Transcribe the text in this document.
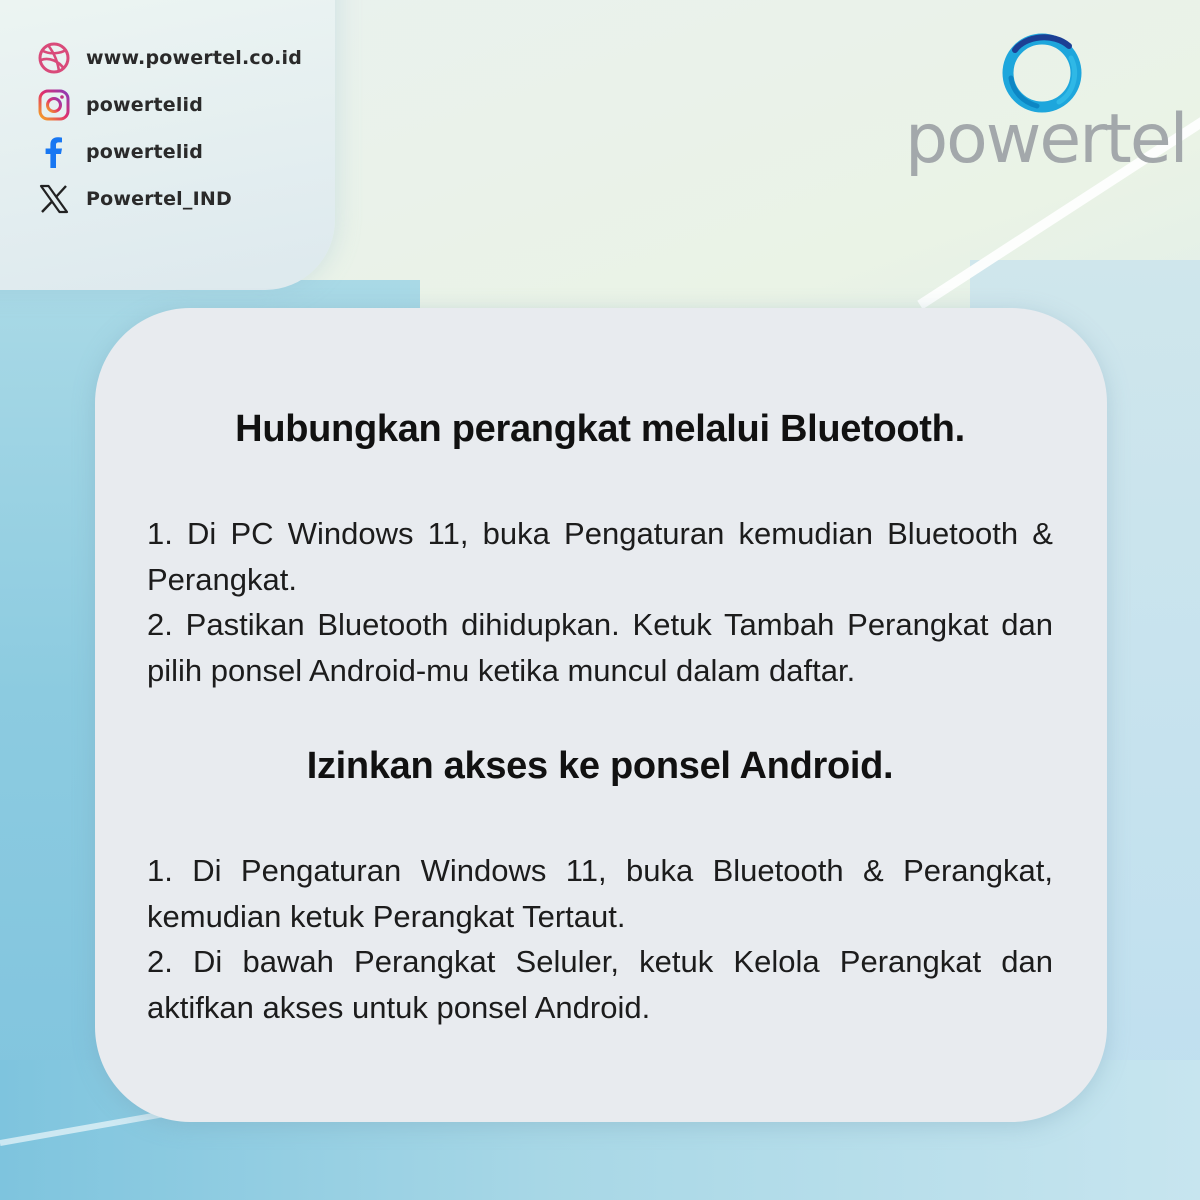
www.powertel.co.id
powertelid
powertelid
Powertel_IND
powertel
Hubungkan perangkat melalui Bluetooth.

1. Di PC Windows 11, buka Pengaturan kemudian Bluetooth & Perangkat.

2. Pastikan Bluetooth dihidupkan. Ketuk Tambah Perangkat dan pilih ponsel Android-mu ketika muncul dalam daftar.

Izinkan akses ke ponsel Android.

1. Di Pengaturan Windows 11, buka Bluetooth & Perangkat, kemudian ketuk Perangkat Tertaut.

2. Di bawah Perangkat Seluler, ketuk Kelola Perangkat dan aktifkan akses untuk ponsel Android.
